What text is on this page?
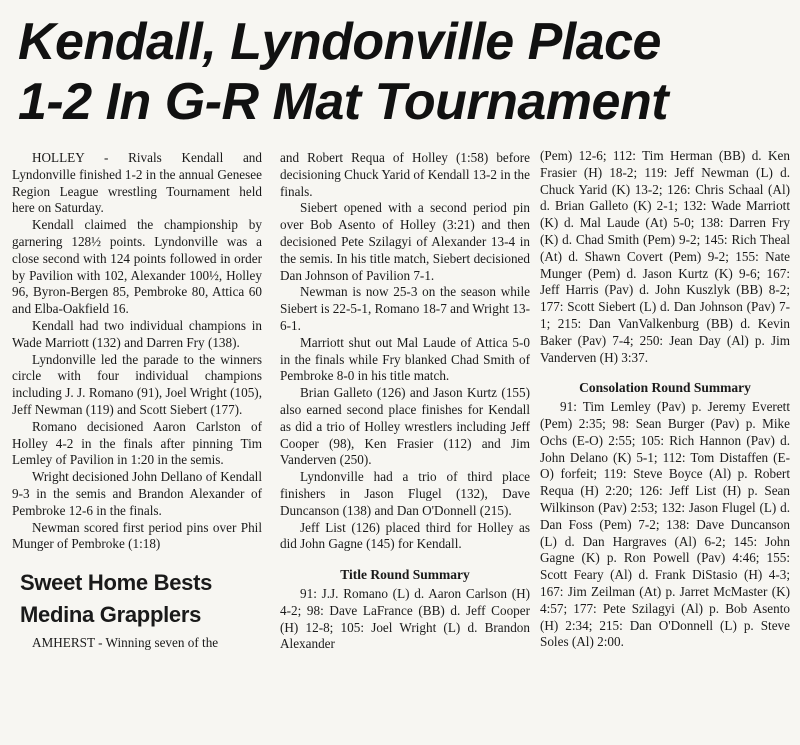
Kendall, Lyndonville Place
1-2 In G-R Mat Tournament

HOLLEY - Rivals Kendall and Lyndonville finished 1-2 in the annual Genesee Region League wrestling Tournament held here on Saturday.

Kendall claimed the championship by garnering 128½ points. Lyndonville was a close second with 124 points followed in order by Pavilion with 102, Alexander 100½, Holley 96, Byron-Bergen 85, Pembroke 80, Attica 60 and Elba-Oakfield 16.

Kendall had two individual champions in Wade Marriott (132) and Darren Fry (138).

Lyndonville led the parade to the winners circle with four individual champions including J. J. Romano (91), Joel Wright (105), Jeff Newman (119) and Scott Siebert (177).

Romano decisioned Aaron Carlston of Holley 4-2 in the finals after pinning Tim Lemley of Pavilion in 1:20 in the semis.

Wright decisioned John Dellano of Kendall 9-3 in the semis and Brandon Alexander of Pembroke 12-6 in the finals.

Newman scored first period pins over Phil Munger of Pembroke (1:18)

Sweet Home Bests
Medina Grapplers

AMHERST - Winning seven of the

and Robert Requa of Holley (1:58) before decisioning Chuck Yarid of Kendall 13-2 in the finals.

Siebert opened with a second period pin over Bob Asento of Holley (3:21) and then decisioned Pete Szilagyi of Alexander 13-4 in the semis. In his title match, Siebert decisioned Dan Johnson of Pavilion 7-1.

Newman is now 25-3 on the season while Siebert is 22-5-1, Romano 18-7 and Wright 13-6-1.

Marriott shut out Mal Laude of Attica 5-0 in the finals while Fry blanked Chad Smith of Pembroke 8-0 in his title match.

Brian Galleto (126) and Jason Kurtz (155) also earned second place finishes for Kendall as did a trio of Holley wrestlers including Jeff Cooper (98), Ken Frasier (112) and Jim Vanderven (250).

Lyndonville had a trio of third place finishers in Jason Flugel (132), Dave Duncanson (138) and Dan O'Donnell (215).

Jeff List (126) placed third for Holley as did John Gagne (145) for Kendall.

Title Round Summary

91: J.J. Romano (L) d. Aaron Carlson (H) 4-2; 98: Dave LaFrance (BB) d. Jeff Cooper (H) 12-8; 105: Joel Wright (L) d. Brandon Alexander

(Pem) 12-6; 112: Tim Herman (BB) d. Ken Frasier (H) 18-2; 119: Jeff Newman (L) d. Chuck Yarid (K) 13-2; 126: Chris Schaal (Al) d. Brian Galleto (K) 2-1; 132: Wade Marriott (K) d. Mal Laude (At) 5-0; 138: Darren Fry (K) d. Chad Smith (Pem) 9-2; 145: Rich Theal (At) d. Shawn Covert (Pem) 9-2; 155: Nate Munger (Pem) d. Jason Kurtz (K) 9-6; 167: Jeff Harris (Pav) d. John Kuszlyk (BB) 8-2; 177: Scott Siebert (L) d. Dan Johnson (Pav) 7-1; 215: Dan VanValkenburg (BB) d. Kevin Baker (Pav) 7-4; 250: Jean Day (Al) p. Jim Vanderven (H) 3:37.

Consolation Round Summary

91: Tim Lemley (Pav) p. Jeremy Everett (Pem) 2:35; 98: Sean Burger (Pav) p. Mike Ochs (E-O) 2:55; 105: Rich Hannon (Pav) d. John Delano (K) 5-1; 112: Tom Distaffen (E-O) forfeit; 119: Steve Boyce (Al) p. Robert Requa (H) 2:20; 126: Jeff List (H) p. Sean Wilkinson (Pav) 2:53; 132: Jason Flugel (L) d. Dan Foss (Pem) 7-2; 138: Dave Duncanson (L) d. Dan Hargraves (Al) 6-2; 145: John Gagne (K) p. Ron Powell (Pav) 4:46; 155: Scott Feary (Al) d. Frank DiStasio (H) 4-3; 167: Jim Zeilman (At) p. Jarret McMaster (K) 4:57; 177: Pete Szilagyi (Al) p. Bob Asento (H) 2:34; 215: Dan O'Donnell (L) p. Steve Soles (Al) 2:00.
